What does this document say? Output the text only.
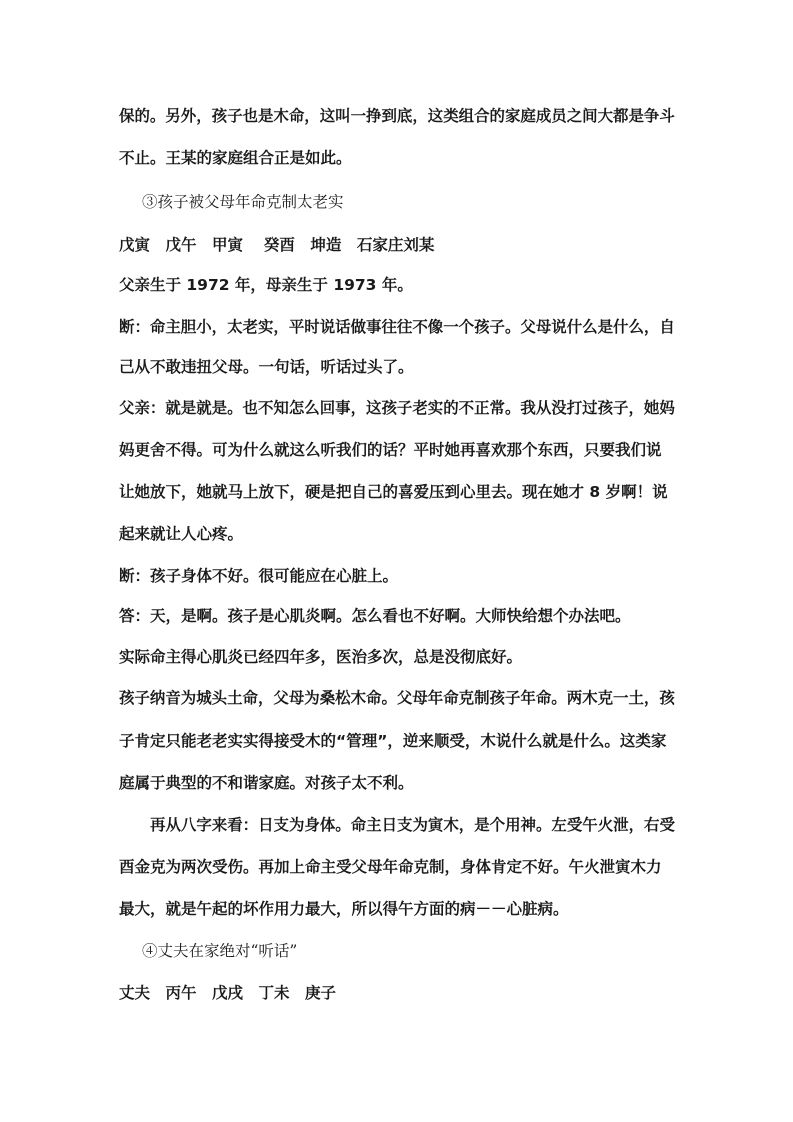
保的。另外，孩子也是木命，这叫一挣到底，这类组合的家庭成员之间大都是争斗
不止。王某的家庭组合正是如此。
③孩子被父母年命克制太老实
戊寅　戊午　甲寅　 癸酉　坤造　石家庄刘某
父亲生于 1972 年，母亲生于 1973 年。
断：命主胆小，太老实，平时说话做事往往不像一个孩子。父母说什么是什么，自
己从不敢违扭父母。一句话，听话过头了。
父亲：就是就是。也不知怎么回事，这孩子老实的不正常。我从没打过孩子，她妈
妈更舍不得。可为什么就这么听我们的话？平时她再喜欢那个东西，只要我们说
让她放下，她就马上放下，硬是把自己的喜爱压到心里去。现在她才 8 岁啊！说
起来就让人心疼。
断：孩子身体不好。很可能应在心脏上。
答：天，是啊。孩子是心肌炎啊。怎么看也不好啊。大师快给想个办法吧。
实际命主得心肌炎已经四年多，医治多次，总是没彻底好。
孩子纳音为城头土命，父母为桑松木命。父母年命克制孩子年命。两木克一土，孩
子肯定只能老老实实得接受木的“管理”，逆来顺受，木说什么就是什么。这类家
庭属于典型的不和谐家庭。对孩子太不利。
再从八字来看：日支为身体。命主日支为寅木，是个用神。左受午火泄，右受
酉金克为两次受伤。再加上命主受父母年命克制，身体肯定不好。午火泄寅木力
最大，就是午起的坏作用力最大，所以得午方面的病－－心脏病。
④丈夫在家绝对“听话”
丈夫　丙午　戊戌　丁未　庚子
